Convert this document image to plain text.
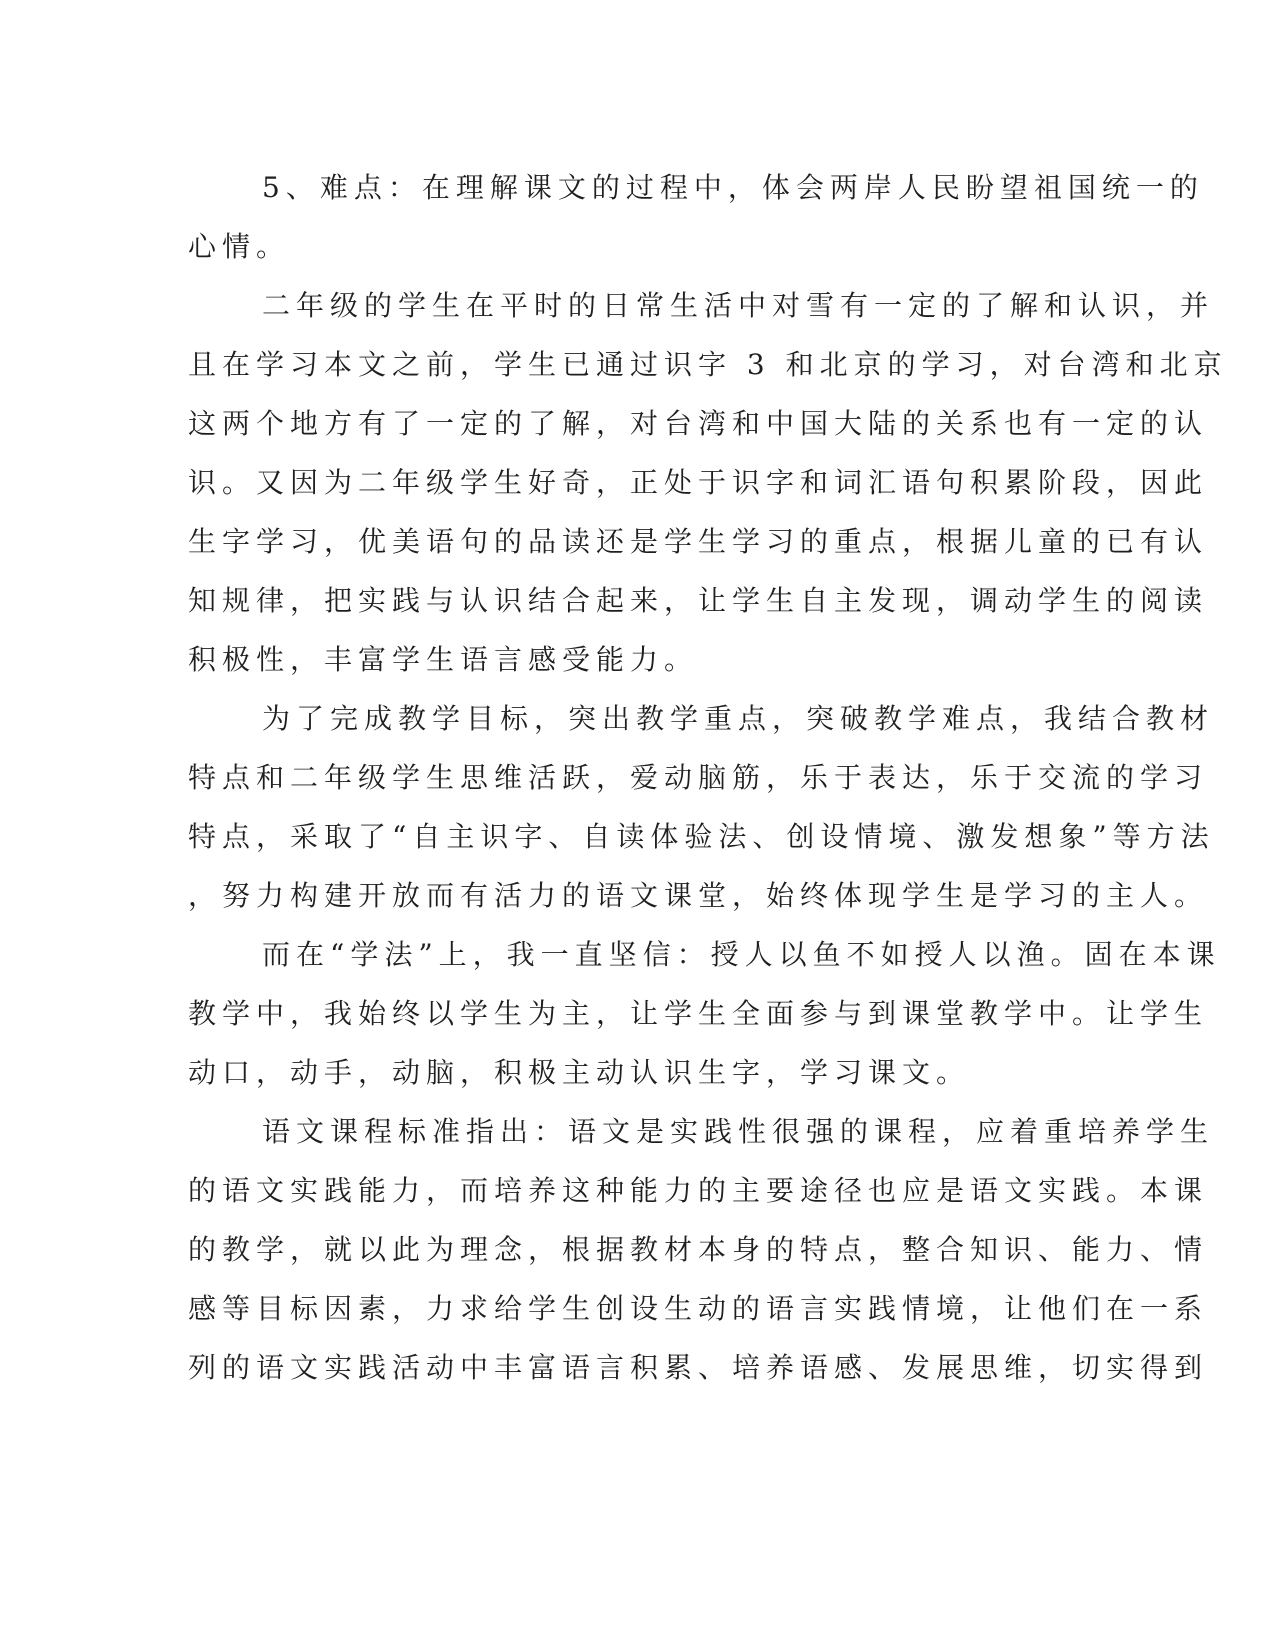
5、难点：在理解课文的过程中，体会两岸人民盼望祖国统一的
心情。
二年级的学生在平时的日常生活中对雪有一定的了解和认识，并
且在学习本文之前，学生已通过识字 3 和北京的学习，对台湾和北京
这两个地方有了一定的了解，对台湾和中国大陆的关系也有一定的认
识。又因为二年级学生好奇，正处于识字和词汇语句积累阶段，因此
生字学习，优美语句的品读还是学生学习的重点，根据儿童的已有认
知规律，把实践与认识结合起来，让学生自主发现，调动学生的阅读
积极性，丰富学生语言感受能力。
为了完成教学目标，突出教学重点，突破教学难点，我结合教材
特点和二年级学生思维活跃，爱动脑筋，乐于表达，乐于交流的学习
特点，采取了“自主识字、自读体验法、创设情境、激发想象”等方法
，努力构建开放而有活力的语文课堂，始终体现学生是学习的主人。
而在“学法”上，我一直坚信：授人以鱼不如授人以渔。固在本课
教学中，我始终以学生为主，让学生全面参与到课堂教学中。让学生
动口，动手，动脑，积极主动认识生字，学习课文。
语文课程标准指出：语文是实践性很强的课程，应着重培养学生
的语文实践能力，而培养这种能力的主要途径也应是语文实践。本课
的教学，就以此为理念，根据教材本身的特点，整合知识、能力、情
感等目标因素，力求给学生创设生动的语言实践情境，让他们在一系
列的语文实践活动中丰富语言积累、培养语感、发展思维，切实得到
